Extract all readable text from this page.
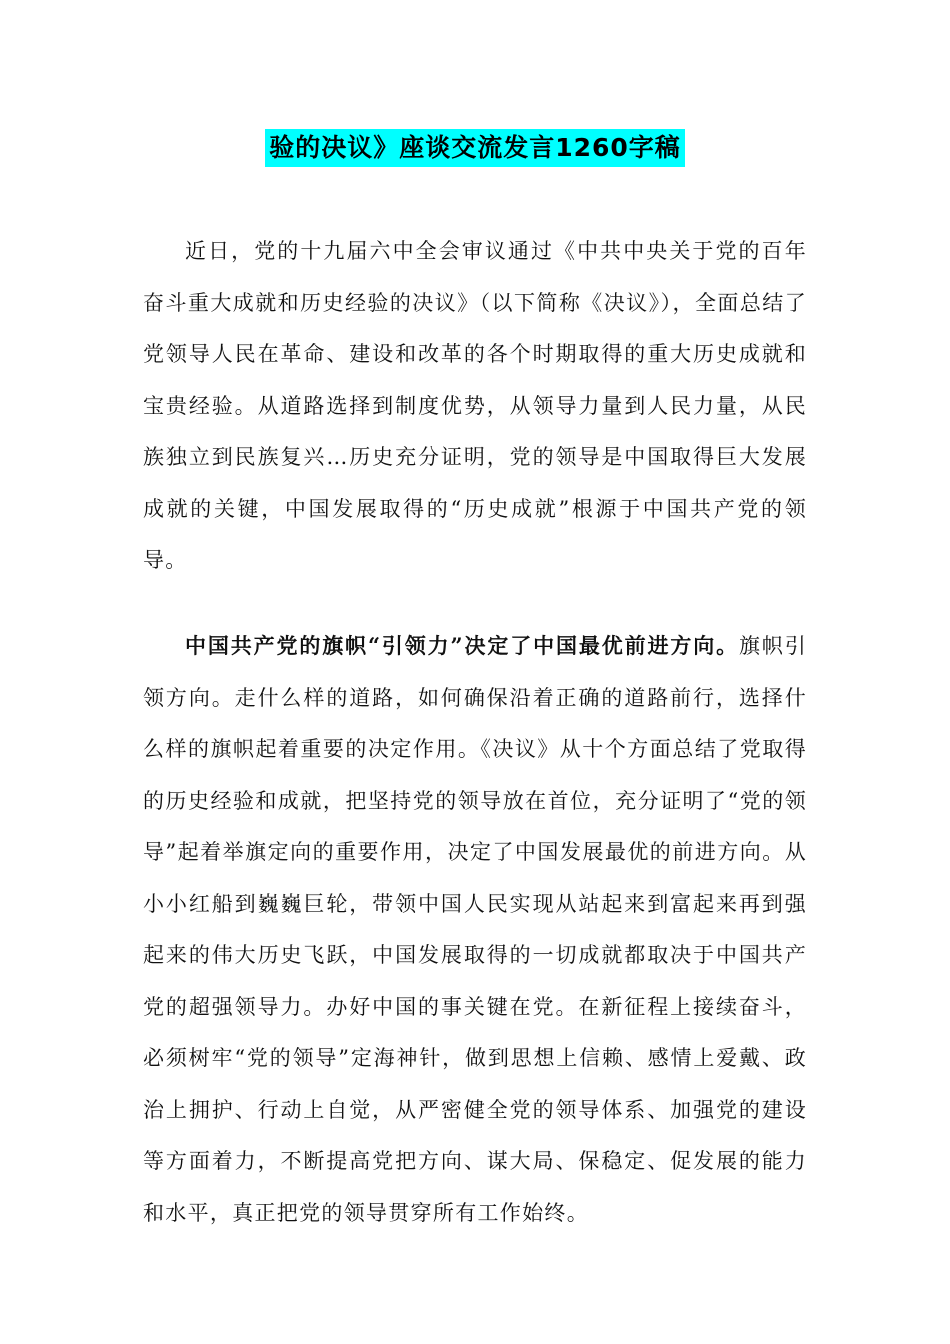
验的决议》座谈交流发言1260字稿

近日，党的十九届六中全会审议通过《中共中央关于党的百年奋斗重大成就和历史经验的决议》（以下简称《决议》），全面总结了党领导人民在革命、建设和改革的各个时期取得的重大历史成就和宝贵经验。从道路选择到制度优势，从领导力量到人民力量，从民族独立到民族复兴…历史充分证明，党的领导是中国取得巨大发展成就的关键，中国发展取得的“历史成就”根源于中国共产党的领导。

中国共产党的旗帜“引领力”决定了中国最优前进方向。旗帜引领方向。走什么样的道路，如何确保沿着正确的道路前行，选择什么样的旗帜起着重要的决定作用。《决议》从十个方面总结了党取得的历史经验和成就，把坚持党的领导放在首位，充分证明了“党的领导”起着举旗定向的重要作用，决定了中国发展最优的前进方向。从小小红船到巍巍巨轮，带领中国人民实现从站起来到富起来再到强起来的伟大历史飞跃，中国发展取得的一切成就都取决于中国共产党的超强领导力。办好中国的事关键在党。在新征程上接续奋斗，必须树牢“党的领导”定海神针，做到思想上信赖、感情上爱戴、政治上拥护、行动上自觉，从严密健全党的领导体系、加强党的建设等方面着力，不断提高党把方向、谋大局、保稳定、促发展的能力和水平，真正把党的领导贯穿所有工作始终。
